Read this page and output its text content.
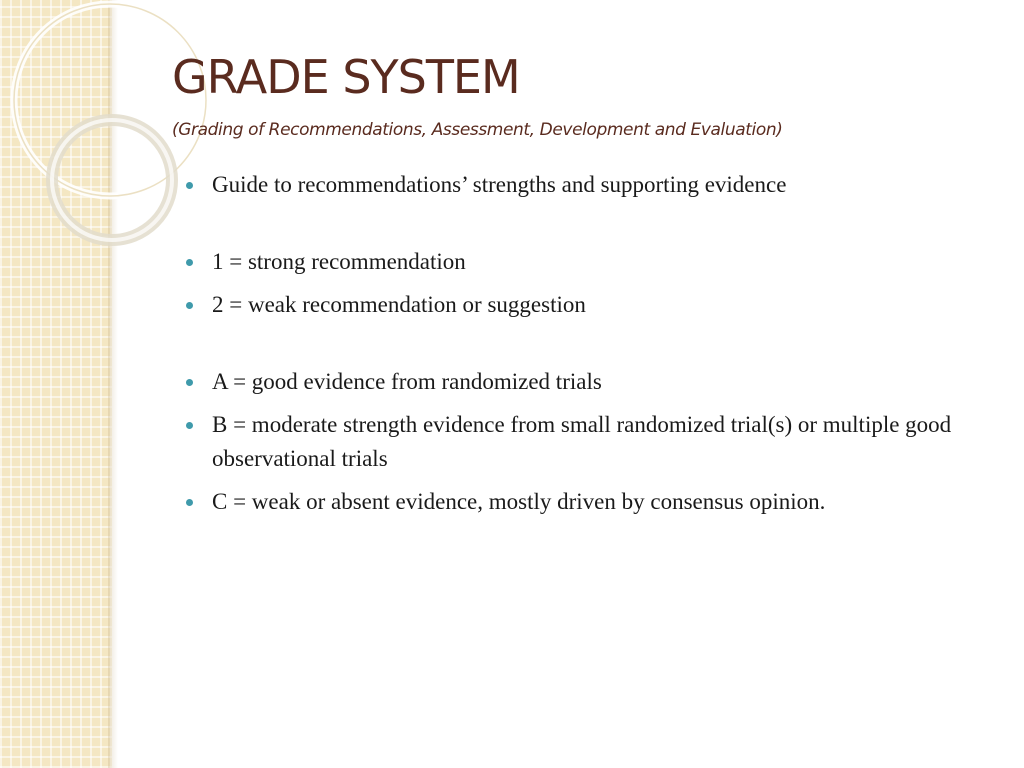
GRADE SYSTEM

(Grading of Recommendations, Assessment, Development and Evaluation)

Guide to recommendations’ strengths and supporting evidence
1 = strong recommendation
2 = weak recommendation or suggestion
A = good evidence from randomized trials
B = moderate strength evidence from small randomized trial(s) or multiple good observational trials
C = weak or absent evidence, mostly driven by consensus opinion.
